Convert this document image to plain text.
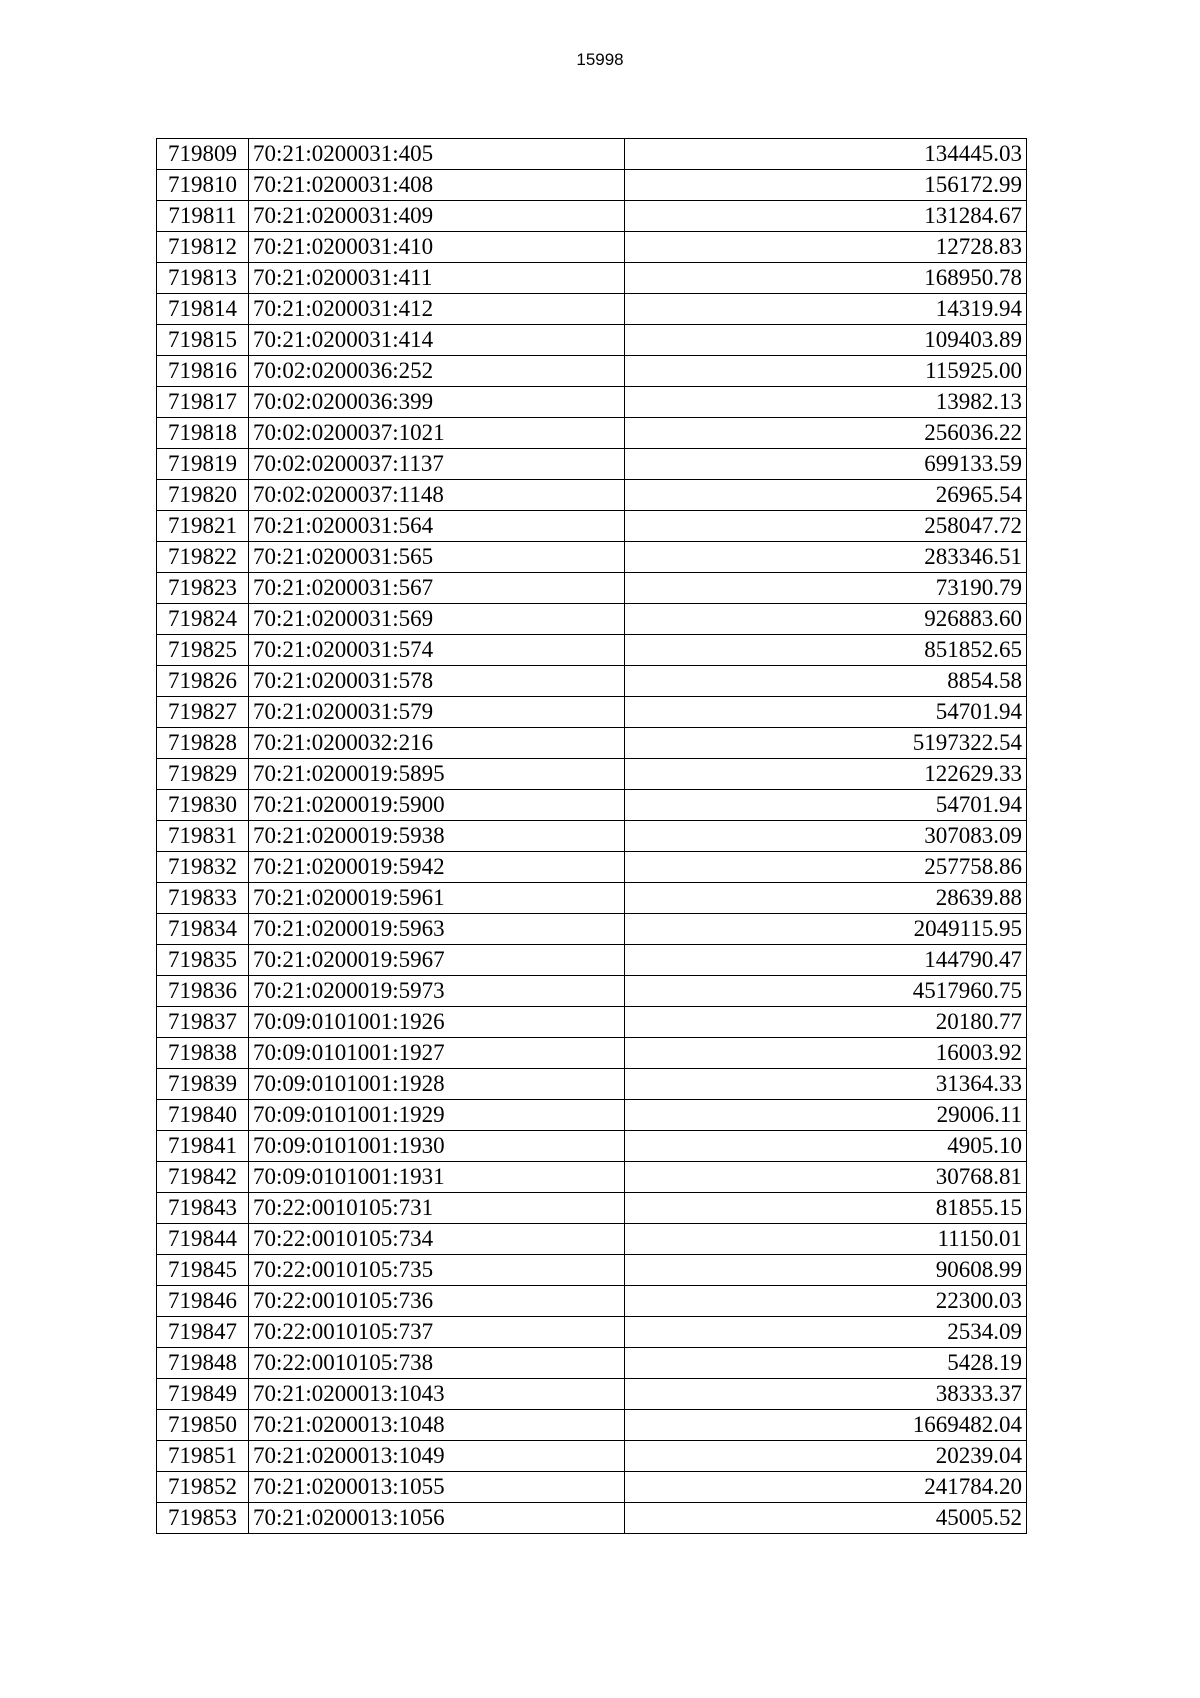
15998
719809	70:21:0200031:405	134445.03
719810	70:21:0200031:408	156172.99
719811	70:21:0200031:409	131284.67
719812	70:21:0200031:410	12728.83
719813	70:21:0200031:411	168950.78
719814	70:21:0200031:412	14319.94
719815	70:21:0200031:414	109403.89
719816	70:02:0200036:252	115925.00
719817	70:02:0200036:399	13982.13
719818	70:02:0200037:1021	256036.22
719819	70:02:0200037:1137	699133.59
719820	70:02:0200037:1148	26965.54
719821	70:21:0200031:564	258047.72
719822	70:21:0200031:565	283346.51
719823	70:21:0200031:567	73190.79
719824	70:21:0200031:569	926883.60
719825	70:21:0200031:574	851852.65
719826	70:21:0200031:578	8854.58
719827	70:21:0200031:579	54701.94
719828	70:21:0200032:216	5197322.54
719829	70:21:0200019:5895	122629.33
719830	70:21:0200019:5900	54701.94
719831	70:21:0200019:5938	307083.09
719832	70:21:0200019:5942	257758.86
719833	70:21:0200019:5961	28639.88
719834	70:21:0200019:5963	2049115.95
719835	70:21:0200019:5967	144790.47
719836	70:21:0200019:5973	4517960.75
719837	70:09:0101001:1926	20180.77
719838	70:09:0101001:1927	16003.92
719839	70:09:0101001:1928	31364.33
719840	70:09:0101001:1929	29006.11
719841	70:09:0101001:1930	4905.10
719842	70:09:0101001:1931	30768.81
719843	70:22:0010105:731	81855.15
719844	70:22:0010105:734	11150.01
719845	70:22:0010105:735	90608.99
719846	70:22:0010105:736	22300.03
719847	70:22:0010105:737	2534.09
719848	70:22:0010105:738	5428.19
719849	70:21:0200013:1043	38333.37
719850	70:21:0200013:1048	1669482.04
719851	70:21:0200013:1049	20239.04
719852	70:21:0200013:1055	241784.20
719853	70:21:0200013:1056	45005.52
